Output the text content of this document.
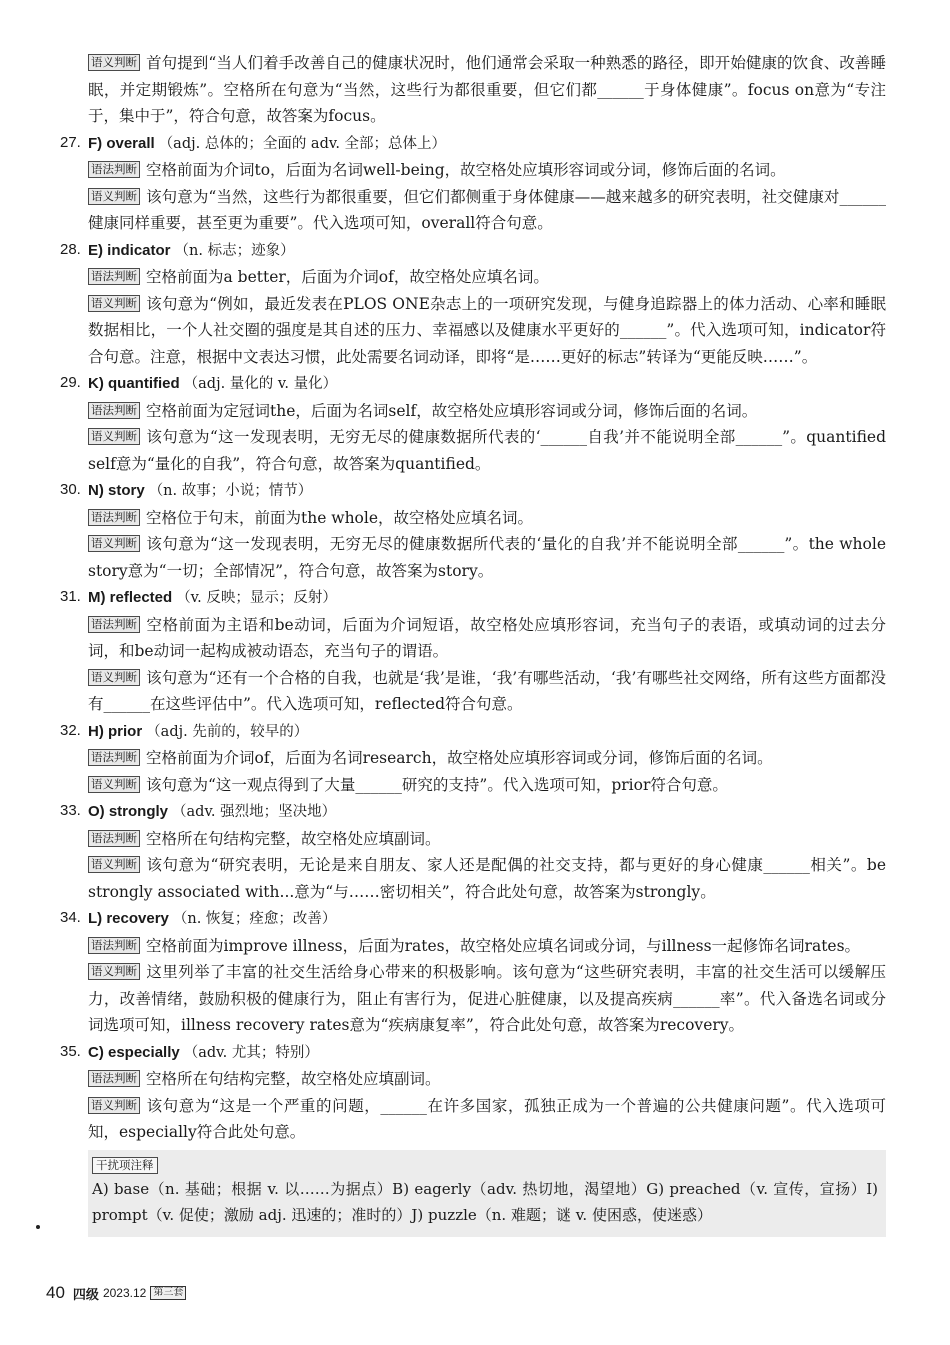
语义判断 首句提到“当人们着手改善自己的健康状况时，他们通常会采取一种熟悉的路径，即开始健康的饮食、改善睡眠，并定期锻炼”。空格所在句意为“当然，这些行为都很重要，但它们都______于身体健康”。focus on意为“专注于，集中于”，符合句意，故答案为focus。

27. F) overall （adj. 总体的；全面的 adv. 全部；总体上）

语法判断 空格前面为介词to，后面为名词well-being，故空格处应填形容词或分词，修饰后面的名词。

语义判断 该句意为“当然，这些行为都很重要，但它们都侧重于身体健康——越来越多的研究表明，社交健康对______健康同样重要，甚至更为重要”。代入选项可知，overall符合句意。

28. E) indicator （n. 标志；迹象）

语法判断 空格前面为a better，后面为介词of，故空格处应填名词。

语义判断 该句意为“例如，最近发表在PLOS ONE杂志上的一项研究发现，与健身追踪器上的体力活动、心率和睡眠数据相比，一个人社交圈的强度是其自述的压力、幸福感以及健康水平更好的______”。代入选项可知，indicator符合句意。注意，根据中文表达习惯，此处需要名词动译，即将“是……更好的标志”转译为“更能反映……”。

29. K) quantified （adj. 量化的 v. 量化）

语法判断 空格前面为定冠词the，后面为名词self，故空格处应填形容词或分词，修饰后面的名词。

语义判断 该句意为“这一发现表明，无穷无尽的健康数据所代表的‘______自我’并不能说明全部______”。quantified self意为“量化的自我”，符合句意，故答案为quantified。

30. N) story （n. 故事；小说；情节）

语法判断 空格位于句末，前面为the whole，故空格处应填名词。

语义判断 该句意为“这一发现表明，无穷无尽的健康数据所代表的‘量化的自我’并不能说明全部______”。the whole story意为“一切；全部情况”，符合句意，故答案为story。

31. M) reflected （v. 反映；显示；反射）

语法判断 空格前面为主语和be动词，后面为介词短语，故空格处应填形容词，充当句子的表语，或填动词的过去分词，和be动词一起构成被动语态，充当句子的谓语。

语义判断 该句意为“还有一个合格的自我，也就是‘我’是谁，‘我’有哪些活动，‘我’有哪些社交网络，所有这些方面都没有______在这些评估中”。代入选项可知，reflected符合句意。

32. H) prior （adj. 先前的，较早的）

语法判断 空格前面为介词of，后面为名词research，故空格处应填形容词或分词，修饰后面的名词。

语义判断 该句意为“这一观点得到了大量______研究的支持”。代入选项可知，prior符合句意。

33. O) strongly （adv. 强烈地；坚决地）

语法判断 空格所在句结构完整，故空格处应填副词。

语义判断 该句意为“研究表明，无论是来自朋友、家人还是配偶的社交支持，都与更好的身心健康______相关”。be strongly associated with...意为“与……密切相关”，符合此处句意，故答案为strongly。

34. L) recovery （n. 恢复；痊愈；改善）

语法判断 空格前面为improve illness，后面为rates，故空格处应填名词或分词，与illness一起修饰名词rates。

语义判断 这里列举了丰富的社交生活给身心带来的积极影响。该句意为“这些研究表明，丰富的社交生活可以缓解压力，改善情绪，鼓励积极的健康行为，阻止有害行为，促进心脏健康，以及提高疾病______率”。代入备选名词或分词选项可知，illness recovery rates意为“疾病康复率”，符合此处句意，故答案为recovery。

35. C) especially （adv. 尤其；特别）

语法判断 空格所在句结构完整，故空格处应填副词。

语义判断 该句意为“这是一个严重的问题，______在许多国家，孤独正成为一个普遍的公共健康问题”。代入选项可知，especially符合此处句意。

干扰项注释

A) base（n. 基础；根据 v. 以……为据点）B) eagerly（adv. 热切地，渴望地）G) preached（v. 宣传，宣扬）I) prompt（v. 促使；激励 adj. 迅速的；准时的）J) puzzle（n. 难题；谜 v. 使困惑，使迷惑）

40 四级 2023.12 第三套
